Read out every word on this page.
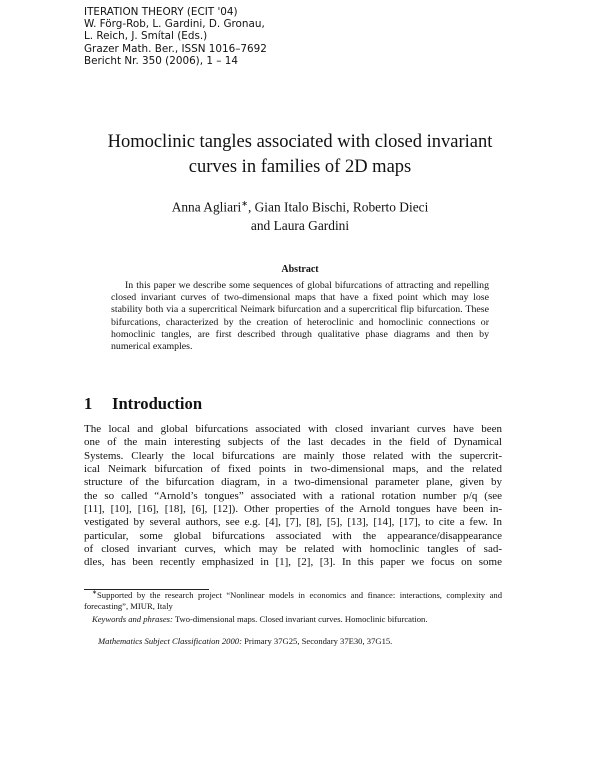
ITERATION THEORY (ECIT '04)
W. Förg-Rob, L. Gardini, D. Gronau,
L. Reich, J. Smítal (Eds.)
Grazer Math. Ber., ISSN 1016–7692
Bericht Nr. 350 (2006), 1 – 14
Homoclinic tangles associated with closed invariant
curves in families of 2D maps
Anna Agliari∗, Gian Italo Bischi, Roberto Dieci
and Laura Gardini
Abstract
In this paper we describe some sequences of global bifurcations of attracting and repelling closed invariant curves of two-dimensional maps that have a fixed point which may lose stability both via a supercritical Neimark bifurcation and a supercritical flip bifurcation. These bifurcations, characterized by the creation of heteroclinic and homoclinic connections or homoclinic tangles, are first described through qualitative phase diagrams and then by numerical examples.
1 Introduction
The local and global bifurcations associated with closed invariant curves have been
one of the main interesting subjects of the last decades in the field of Dynamical
Systems. Clearly the local bifurcations are mainly those related with the supercrit-
ical Neimark bifurcation of fixed points in two-dimensional maps, and the related
structure of the bifurcation diagram, in a two-dimensional parameter plane, given by
the so called “Arnold’s tongues” associated with a rational rotation number p/q (see
[11], [10], [16], [18], [6], [12]). Other properties of the Arnold tongues have been in-
vestigated by several authors, see e.g. [4], [7], [8], [5], [13], [14], [17], to cite a few. In
particular, some global bifurcations associated with the appearance/disappearance
of closed invariant curves, which may be related with homoclinic tangles of sad-
dles, has been recently emphasized in [1], [2], [3]. In this paper we focus on some
∗Supported by the research project “Nonlinear models in economics and finance: interactions, complexity and forecasting”, MIUR, Italy
Keywords and phrases: Two-dimensional maps. Closed invariant curves. Homoclinic bifurcation.
Mathematics Subject Classification 2000: Primary 37G25, Secondary 37E30, 37G15.
